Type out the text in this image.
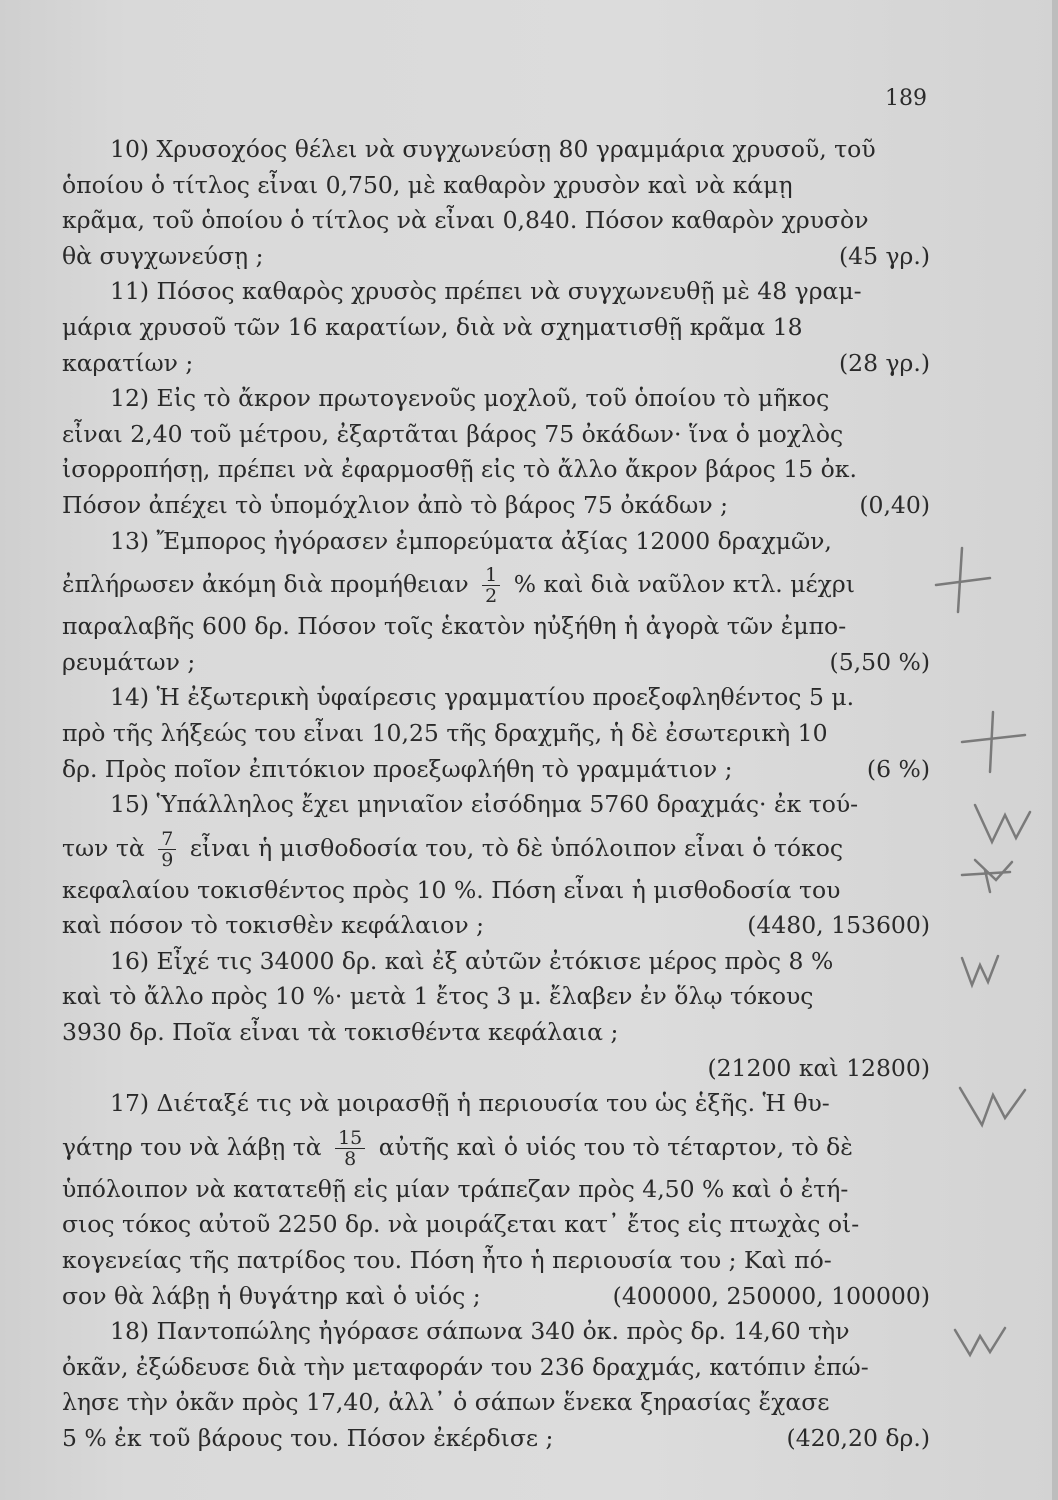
189
10) Χρυσοχόος θέλει νὰ συγχωνεύσῃ 80 γραμμάρια χρυσοῦ, τοῦ
ὁποίου ὁ τίτλος εἶναι 0,750, μὲ καθαρὸν χρυσὸν καὶ νὰ κάμῃ
κρᾶμα, τοῦ ὁποίου ὁ τίτλος νὰ εἶναι 0,840. Πόσον καθαρὸν χρυσὸν
θὰ συγχωνεύσῃ ;	(45 γρ.)
11) Πόσος καθαρὸς χρυσὸς πρέπει νὰ συγχωνευθῇ μὲ 48 γραμ-
μάρια χρυσοῦ τῶν 16 καρατίων, διὰ νὰ σχηματισθῇ κρᾶμα 18
καρατίων ;	(28 γρ.)
12) Εἰς τὸ ἄκρον πρωτογενοῦς μοχλοῦ, τοῦ ὁποίου τὸ μῆκος
εἶναι 2,40 τοῦ μέτρου, ἐξαρτᾶται βάρος 75 ὀκάδων· ἵνα ὁ μοχλὸς
ἰσορροπήσῃ, πρέπει νὰ ἐφαρμοσθῇ εἰς τὸ ἄλλο ἄκρον βάρος 15 ὀκ.
Πόσον ἀπέχει τὸ ὑπομόχλιον ἀπὸ τὸ βάρος 75 ὀκάδων ;	(0,40)
13) Ἔμπορος ἠγόρασεν ἐμπορεύματα ἀξίας 12000 δραχμῶν,
ἐπλήρωσεν ἀκόμη διὰ προμήθειαν $\frac{1}{2}$ % καὶ διὰ ναῦλον κτλ. μέχρι
παραλαβῆς 600 δρ. Πόσον τοῖς ἑκατὸν ηὐξήθη ἡ ἀγορὰ τῶν ἐμπο-
ρευμάτων ;	(5,50 %)
14) Ἡ ἐξωτερικὴ ὑφαίρεσις γραμματίου προεξοφληθέντος 5 μ.
πρὸ τῆς λήξεώς του εἶναι 10,25 τῆς δραχμῆς, ἡ δὲ ἐσωτερικὴ 10
δρ. Πρὸς ποῖον ἐπιτόκιον προεξωφλήθη τὸ γραμμάτιον ;	(6 %)
15) Ὑπάλληλος ἔχει μηνιαῖον εἰσόδημα 5760 δραχμάς· ἐκ τού-
των τὰ $\frac{7}{9}$ εἶναι ἡ μισθοδοσία του, τὸ δὲ ὑπόλοιπον εἶναι ὁ τόκος
κεφαλαίου τοκισθέντος πρὸς 10 %. Πόση εἶναι ἡ μισθοδοσία του
καὶ πόσον τὸ τοκισθὲν κεφάλαιον ;	(4480, 153600)
16) Εἶχέ τις 34000 δρ. καὶ ἐξ αὐτῶν ἐτόκισε μέρος πρὸς 8 %
καὶ τὸ ἄλλο πρὸς 10 %· μετὰ 1 ἔτος 3 μ. ἔλαβεν ἐν ὅλῳ τόκους
3930 δρ. Ποῖα εἶναι τὰ τοκισθέντα κεφάλαια ;
(21200 καὶ 12800)
17) Διέταξέ τις νὰ μοιρασθῇ ἡ περιουσία του ὡς ἑξῆς. Ἡ θυ-
γάτηρ του νὰ λάβῃ τὰ $\frac{15}{8}$ αὐτῆς καὶ ὁ υἱός του τὸ τέταρτον, τὸ δὲ
ὑπόλοιπον νὰ κατατεθῇ εἰς μίαν τράπεζαν πρὸς 4,50 % καὶ ὁ ἐτή-
σιος τόκος αὐτοῦ 2250 δρ. νὰ μοιράζεται κατ᾽ ἔτος εἰς πτωχὰς οἰ-
κογενείας τῆς πατρίδος του. Πόση ἦτο ἡ περιουσία του ; Καὶ πό-
σον θὰ λάβῃ ἡ θυγάτηρ καὶ ὁ υἱός ;	(400000, 250000, 100000)
18) Παντοπώλης ἠγόρασε σάπωνα 340 ὀκ. πρὸς δρ. 14,60 τὴν
ὀκᾶν, ἐξώδευσε διὰ τὴν μεταφοράν του 236 δραχμάς, κατόπιν ἐπώ-
λησε τὴν ὀκᾶν πρὸς 17,40, ἀλλ᾽ ὁ σάπων ἕνεκα ξηρασίας ἔχασε
5 % ἐκ τοῦ βάρους του. Πόσον ἐκέρδισε ;	(420,20 δρ.)
